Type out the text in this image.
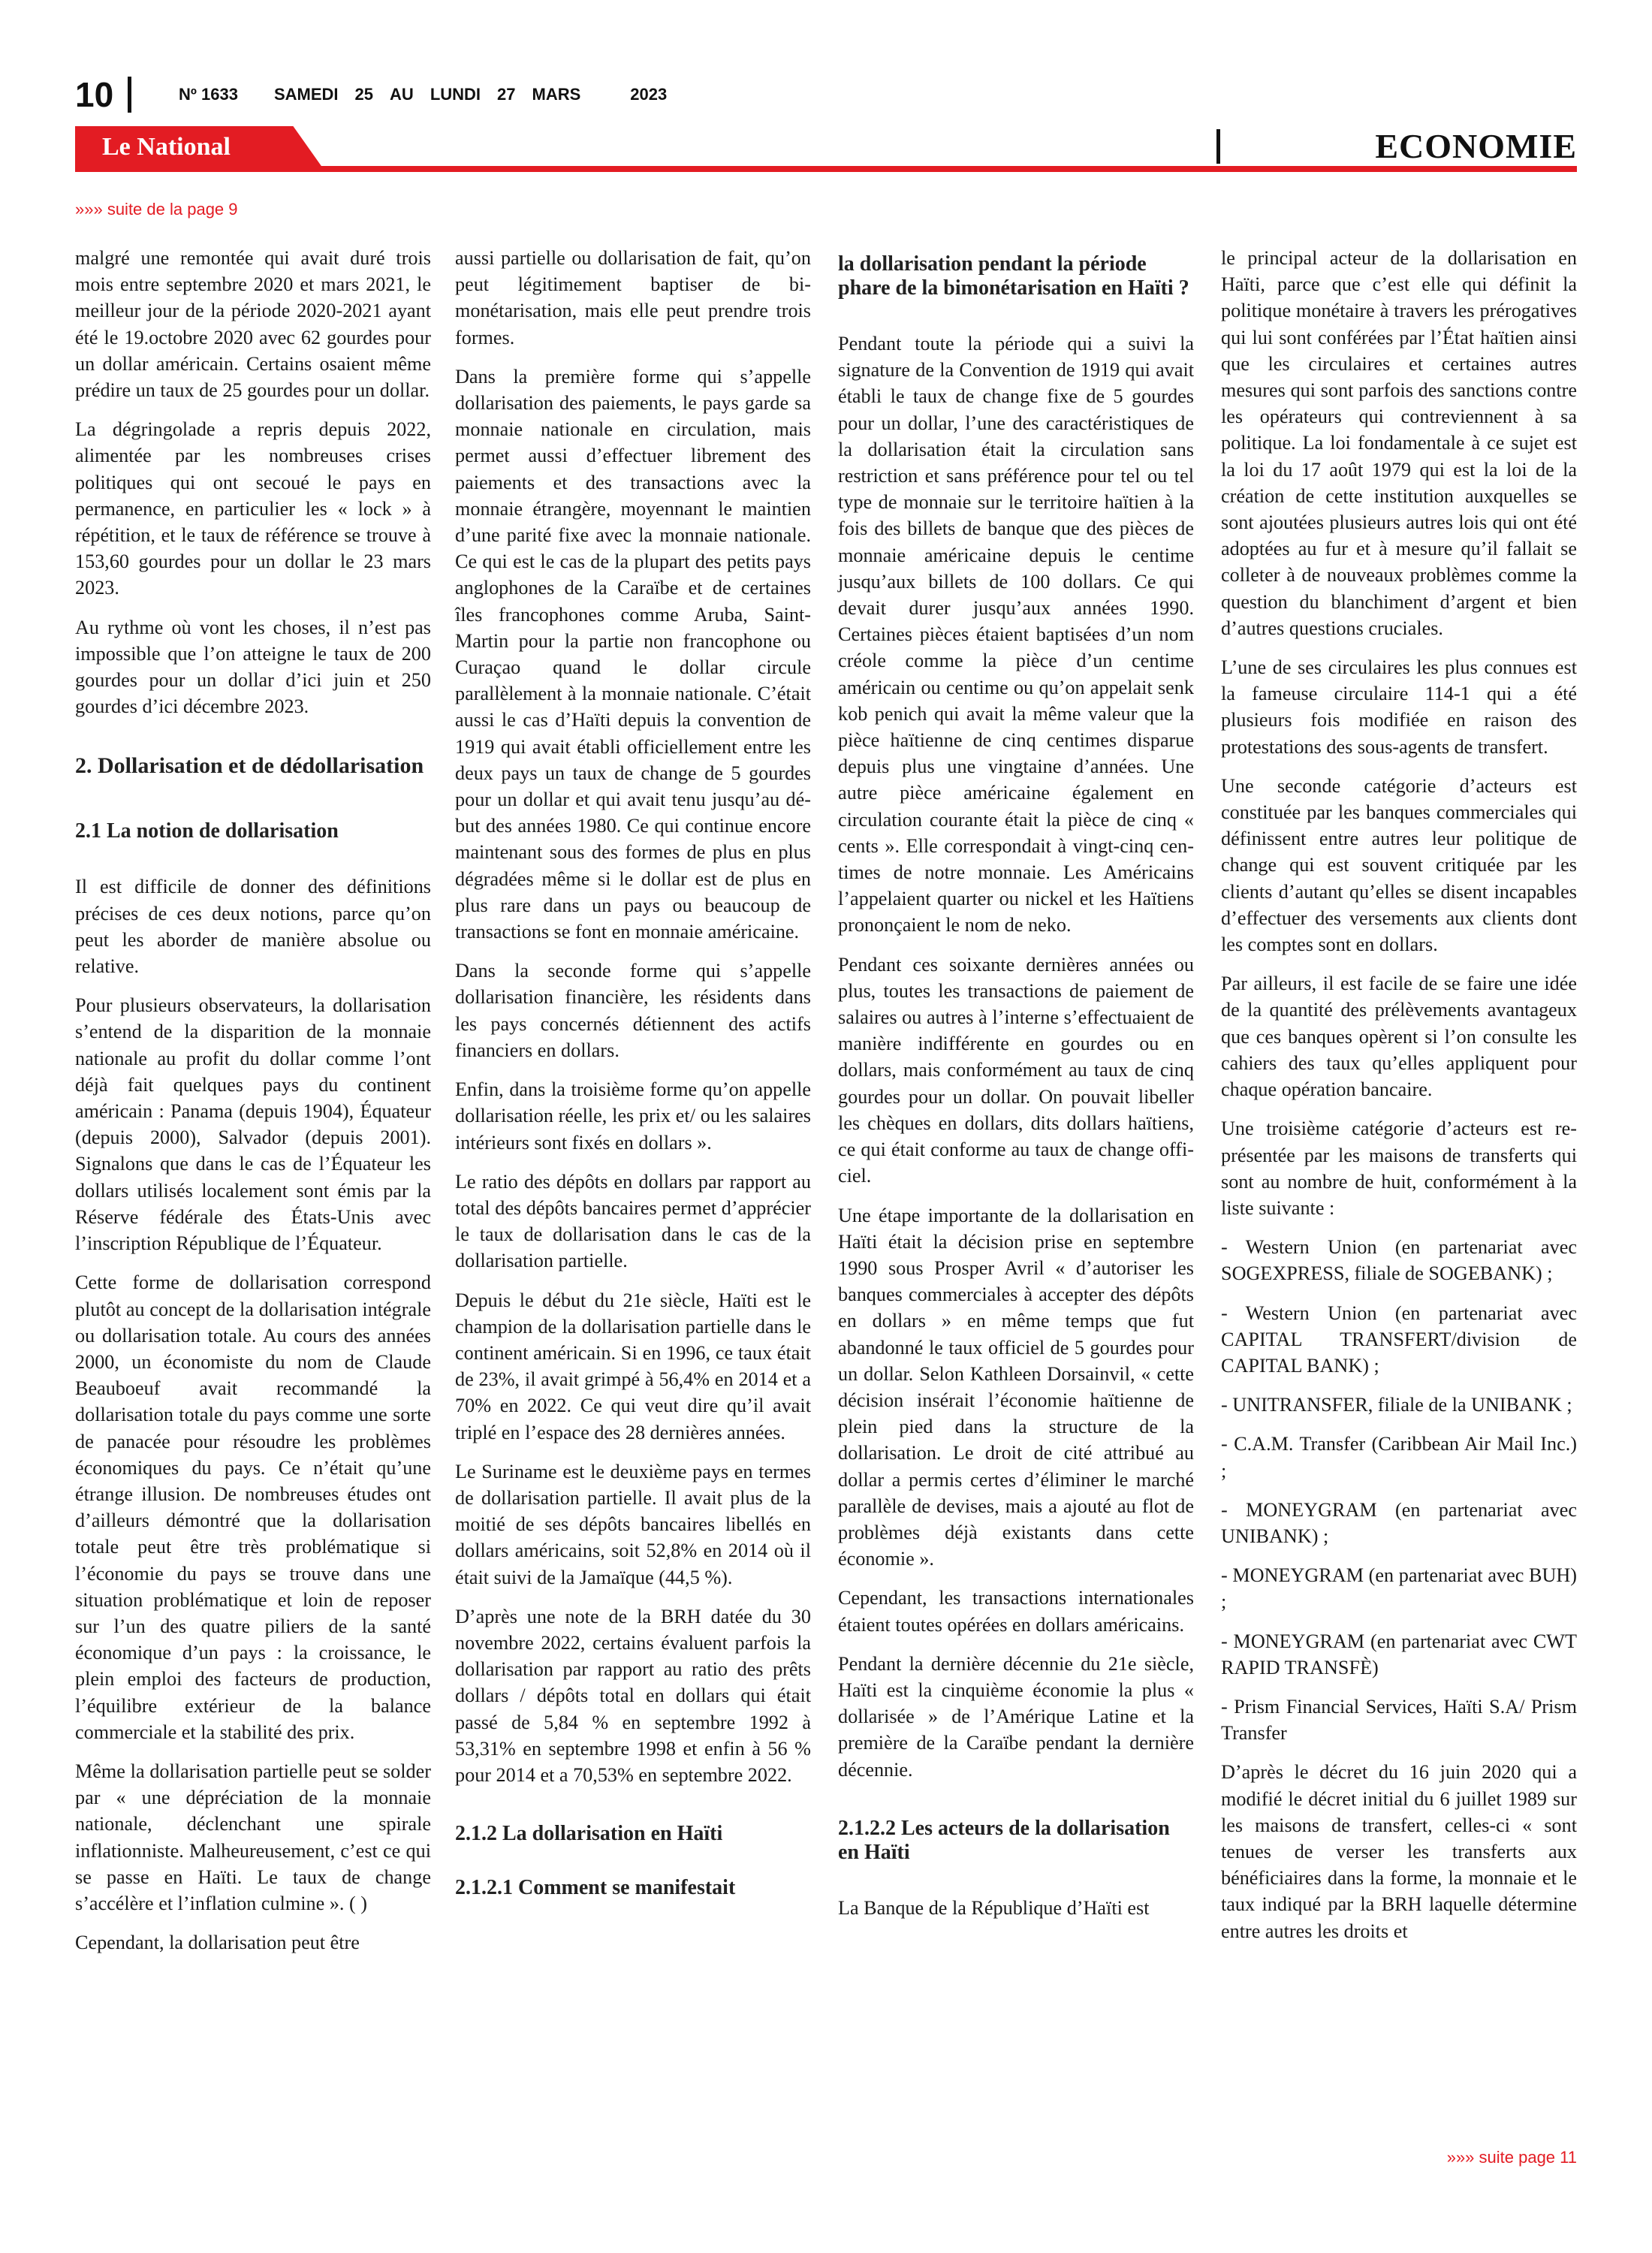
10	Nº 1633 SAMEDI 25 AU LUNDI 27 MARS	2023
Le National	ECONOMIE
»»» suite de la page 9

malgré une remontée qui avait duré trois mois entre septembre 2020 et mars 2021, le meilleur jour de la période 2020-2021 ayant été le 19.octobre 2020 avec 62 gourdes pour un dollar américain. Certains osaient même prédire un taux de 25 gourdes pour un dollar.

La dégringolade a repris depuis 2022, alimentée par les nombreuses crises politiques qui ont secoué le pays en permanence, en particulier les « lock » à répétition, et le taux de référence se trouve à 153,60 gourdes pour un dollar le 23 mars 2023.

Au rythme où vont les choses, il n’est pas impossible que l’on atteigne le taux de 200 gourdes pour un dollar d’ici juin et 250 gourdes d’ici décembre 2023.

2. Dollarisation et de dédollarisation
2.1 La notion de dollarisation

Il est difficile de donner des définitions précises de ces deux notions, parce qu’on peut les aborder de manière absolue ou relative.

Pour plusieurs observateurs, la dollarisation s’entend de la disparition de la monnaie nationale au profit du dollar comme l’ont déjà fait quelques pays du continent américain : Panama (depuis 1904), Équateur (depuis 2000), Salvador (depuis 2001). Signalons que dans le cas de l’Équateur les dollars utilisés localement sont émis par la Réserve fédérale des États-Unis avec l’inscription République de l’Équateur.

Cette forme de dollarisation correspond plutôt au concept de la dollarisation intégrale ou dollarisation totale. Au cours des années 2000, un économiste du nom de Claude Beauboeuf avait recommandé la dollarisation totale du pays comme une sorte de panacée pour résoudre les problèmes économiques du pays. Ce n’était qu’une étrange illusion. De nombreuses études ont d’ailleurs démontré que la dollarisation totale peut être très problématique si l’économie du pays se trouve dans une situation problématique et loin de reposer sur l’un des quatre piliers de la santé économique d’un pays : la croissance, le plein emploi des facteurs de production, l’équilibre extérieur de la balance commerciale et la stabilité des prix.

Même la dollarisation partielle peut se solder par « une dépréciation de la monnaie nationale, déclenchant une spirale inflationniste. Malheureusement, c’est ce qui se passe en Haïti. Le taux de change s’accélère et l’inflation culmine ». ( )

Cependant, la dollarisation peut être

aussi partielle ou dollarisation de fait, qu’on peut légitimement baptiser de bi-monétarisation, mais elle peut prendre trois formes.

Dans la première forme qui s’appelle dollarisation des paiements, le pays garde sa monnaie nationale en circulation, mais permet aussi d’effectuer librement des paiements et des transactions avec la monnaie étrangère, moyennant le maintien d’une parité fixe avec la monnaie nationale. Ce qui est le cas de la plupart des petits pays anglophones de la Caraïbe et de certaines îles francophones comme Aruba, Saint-Martin pour la partie non francophone ou Curaçao quand le dollar circule parallèlement à la monnaie nationale. C’était aussi le cas d’Haïti depuis la convention de 1919 qui avait établi officiellement entre les deux pays un taux de change de 5 gourdes pour un dollar et qui avait tenu jusqu’au début des années 1980. Ce qui continue encore maintenant sous des formes de plus en plus dégradées même si le dollar est de plus en plus rare dans un pays ou beaucoup de transactions se font en monnaie américaine.

Dans la seconde forme qui s’appelle dollarisation financière, les résidents dans les pays concernés détiennent des actifs financiers en dollars.

Enfin, dans la troisième forme qu’on appelle dollarisation réelle, les prix et/ ou les salaires intérieurs sont fixés en dollars ».

Le ratio des dépôts en dollars par rapport au total des dépôts bancaires permet d’apprécier le taux de dollarisation dans le cas de la dollarisation partielle.

Depuis le début du 21e siècle, Haïti est le champion de la dollarisation partielle dans le continent américain. Si en 1996, ce taux était de 23%, il avait grimpé à 56,4% en 2014 et a 70% en 2022. Ce qui veut dire qu’il avait triplé en l’espace des 28 dernières années.

Le Suriname est le deuxième pays en termes de dollarisation partielle. Il avait plus de la moitié de ses dépôts bancaires libellés en dollars américains, soit 52,8% en 2014 où il était suivi de la Jamaïque (44,5 %).

D’après une note de la BRH datée du 30 novembre 2022, certains évaluent parfois la dollarisation par rapport au ratio des prêts dollars / dépôts total en dollars qui était passé de 5,84 % en septembre 1992 à 53,31% en septembre 1998 et enfin à 56 % pour 2014 et a 70,53% en septembre 2022.

2.1.2 La dollarisation en Haïti
2.1.2.1 Comment se manifestait
la dollarisation pendant la période phare de la bimonétarisation en Haïti ?

Pendant toute la période qui a suivi la signature de la Convention de 1919 qui avait établi le taux de change fixe de 5 gourdes pour un dollar, l’une des caractéristiques de la dollarisation était la circulation sans restriction et sans préférence pour tel ou tel type de monnaie sur le territoire haïtien à la fois des billets de banque que des pièces de monnaie américaine depuis le centime jusqu’aux billets de 100 dollars. Ce qui devait durer jusqu’aux années 1990. Certaines pièces étaient baptisées d’un nom créole comme la pièce d’un centime américain ou centime ou qu’on appelait senk kob penich qui avait la même valeur que la pièce haïtienne de cinq centimes disparue depuis plus une vingtaine d’années. Une autre pièce américaine également en circulation courante était la pièce de cinq « cents ». Elle correspondait à vingt-cinq centimes de notre monnaie. Les Américains l’appelaient quarter ou nickel et les Haïtiens prononçaient le nom de neko.

Pendant ces soixante dernières années ou plus, toutes les transactions de paiement de salaires ou autres à l’interne s’effectuaient de manière indifférente en gourdes ou en dollars, mais conformément au taux de cinq gourdes pour un dollar. On pouvait libeller les chèques en dollars, dits dollars haïtiens, ce qui était conforme au taux de change officiel.

Une étape importante de la dollarisation en Haïti était la décision prise en septembre 1990 sous Prosper Avril « d’autoriser les banques commerciales à accepter des dépôts en dollars » en même temps que fut abandonné le taux officiel de 5 gourdes pour un dollar. Selon Kathleen Dorsainvil, « cette décision insérait l’économie haïtienne de plein pied dans la structure de la dollarisation. Le droit de cité attribué au dollar a permis certes d’éliminer le marché parallèle de devises, mais a ajouté au flot de problèmes déjà existants dans cette économie ».

Cependant, les transactions internationales étaient toutes opérées en dollars américains.

Pendant la dernière décennie du 21e siècle, Haïti est la cinquième économie la plus « dollarisée » de l’Amérique Latine et la première de la Caraïbe pendant la dernière décennie.

2.1.2.2 Les acteurs de la dollarisation en Haïti

La Banque de la République d’Haïti est

le principal acteur de la dollarisation en Haïti, parce que c’est elle qui définit la politique monétaire à travers les prérogatives qui lui sont conférées par l’État haïtien ainsi que les circulaires et certaines autres mesures qui sont parfois des sanctions contre les opérateurs qui contreviennent à sa politique. La loi fondamentale à ce sujet est la loi du 17 août 1979 qui est la loi de la création de cette institution auxquelles se sont ajoutées plusieurs autres lois qui ont été adoptées au fur et à mesure qu’il fallait se colleter à de nouveaux problèmes comme la question du blanchiment d’argent et bien d’autres questions cruciales.

L’une de ses circulaires les plus connues est la fameuse circulaire 114-1 qui a été plusieurs fois modifiée en raison des protestations des sous-agents de transfert.

Une seconde catégorie d’acteurs est constituée par les banques commerciales qui définissent entre autres leur politique de change qui est souvent critiquée par les clients d’autant qu’elles se disent incapables d’effectuer des versements aux clients dont les comptes sont en dollars.

Par ailleurs, il est facile de se faire une idée de la quantité des prélèvements avantageux que ces banques opèrent si l’on consulte les cahiers des taux qu’elles appliquent pour chaque opération bancaire.

Une troisième catégorie d’acteurs est représentée par les maisons de transferts qui sont au nombre de huit, conformément à la liste suivante :

- Western Union (en partenariat avec SOGEXPRESS, filiale de SOGEBANK) ;

- Western Union (en partenariat avec CAPITAL TRANSFERT/division de CAPITAL BANK) ;

- UNITRANSFER, filiale de la UNIBANK ;

- C.A.M. Transfer (Caribbean Air Mail Inc.) ;

- MONEYGRAM (en partenariat avec UNIBANK) ;

- MONEYGRAM (en partenariat avec BUH) ;

- MONEYGRAM (en partenariat avec CWT RAPID TRANSFÈ)

- Prism Financial Services, Haïti S.A/ Prism Transfer

D’après le décret du 16 juin 2020 qui a modifié le décret initial du 6 juillet 1989 sur les maisons de transfert, celles-ci « sont tenues de verser les transferts aux bénéficiaires dans la forme, la monnaie et le taux indiqué par la BRH laquelle détermine entre autres les droits et

»»» suite page 11
